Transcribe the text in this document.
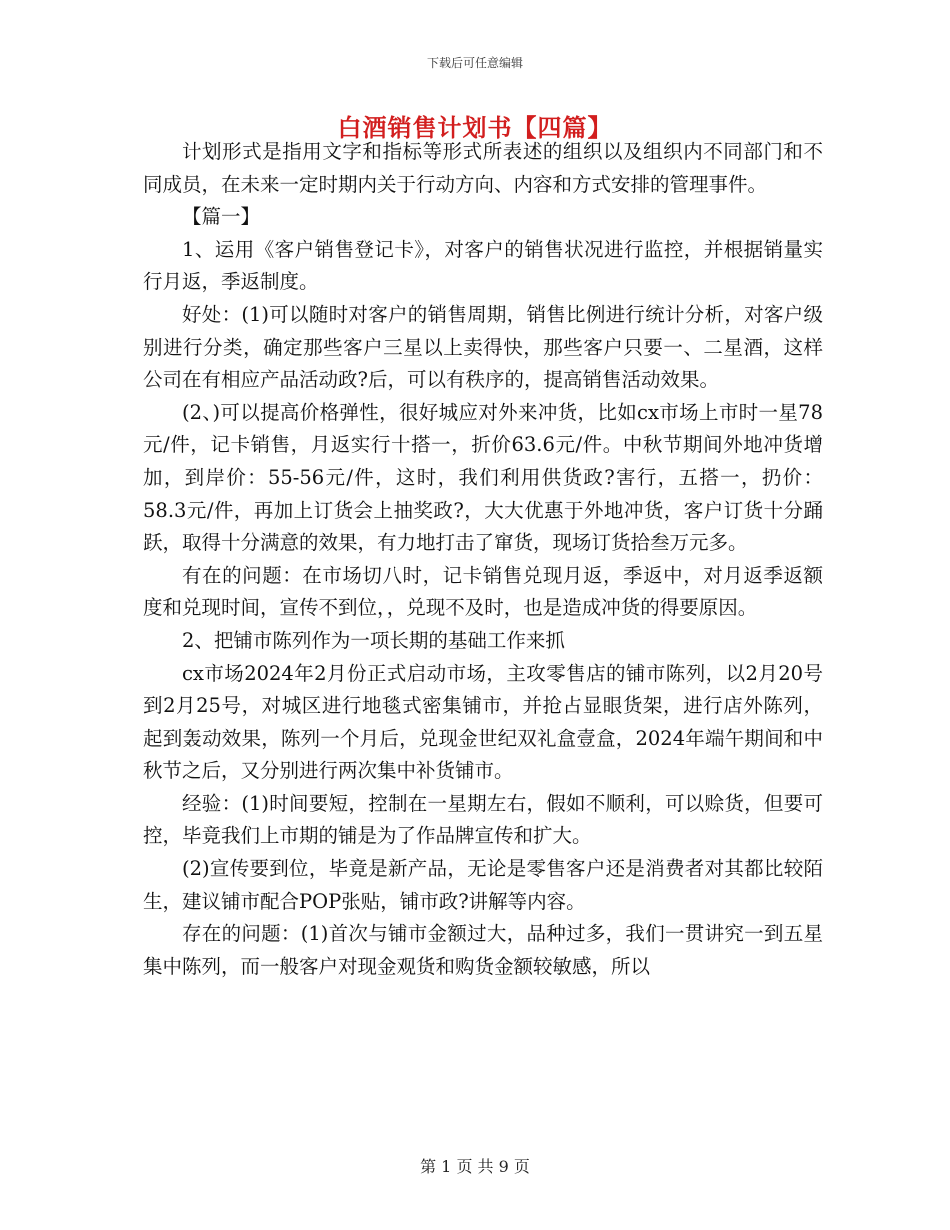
下载后可任意编辑
白酒销售计划书【四篇】

计划形式是指用文字和指标等形式所表述的组织以及组织内不同部门和不同成员，在未来一定时期内关于行动方向、内容和方式安排的管理事件。

【篇一】

1、运用《客户销售登记卡》，对客户的销售状况进行监控，并根据销量实行月返，季返制度。

好处：(1)可以随时对客户的销售周期，销售比例进行统计分析，对客户级别进行分类，确定那些客户三星以上卖得快，那些客户只要一、二星酒，这样公司在有相应产品活动政?后，可以有秩序的，提高销售活动效果。

(2、)可以提高价格弹性，很好城应对外来冲货，比如cx市场上市时一星78元/件，记卡销售，月返实行十搭一，折价63.6元/件。中秋节期间外地冲货增加，到岸价：55-56元/件，这时，我们利用供货政?害行，五搭一，扔价：58.3元/件，再加上订货会上抽奖政?，大大优惠于外地冲货，客户订货十分踊跃，取得十分满意的效果，有力地打击了窜货，现场订货拾叁万元多。

有在的问题：在市场切八时，记卡销售兑现月返，季返中，对月返季返额度和兑现时间，宣传不到位，，兑现不及时，也是造成冲货的得要原因。

2、把铺市陈列作为一项长期的基础工作来抓

cx市场2024年2月份正式启动市场，主攻零售店的铺市陈列，以2月20号到2月25号，对城区进行地毯式密集铺市，并抢占显眼货架，进行店外陈列，起到轰动效果，陈列一个月后，兑现金世纪双礼盒壹盒，2024年端午期间和中秋节之后，又分别进行两次集中补货铺市。

经验：(1)时间要短，控制在一星期左右，假如不顺利，可以赊货，但要可控，毕竟我们上市期的铺是为了作品牌宣传和扩大。

(2)宣传要到位，毕竟是新产品，无论是零售客户还是消费者对其都比较陌生，建议铺市配合POP张贴，铺市政?讲解等内容。

存在的问题：(1)首次与铺市金额过大，品种过多，我们一贯讲究一到五星集中陈列，而一般客户对现金观货和购货金额较敏感，所以

第 1 页 共 9 页
